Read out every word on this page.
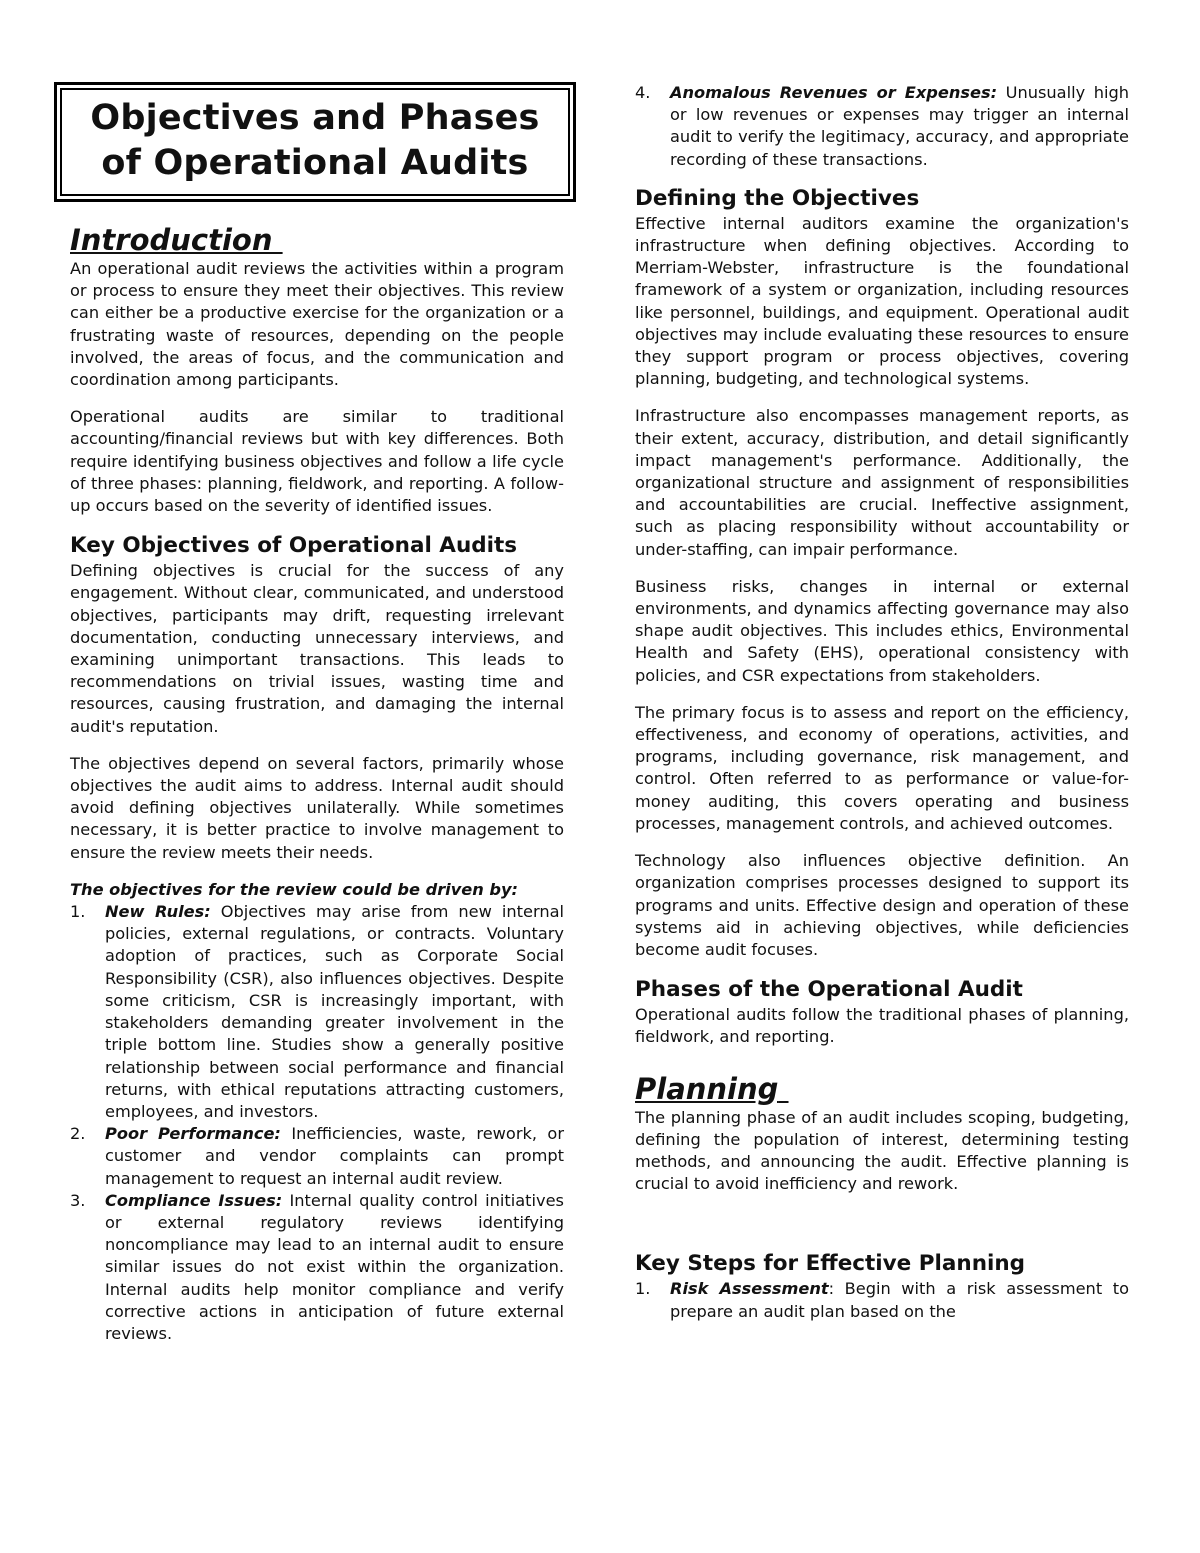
Objectives and Phases
of Operational Audits
Introduction

An operational audit reviews the activities within a program or process to ensure they meet their objectives. This review can either be a productive exercise for the organization or a frustrating waste of resources, depending on the people involved, the areas of focus, and the communication and coordination among participants.

Operational audits are similar to traditional accounting/financial reviews but with key differences. Both require identifying business objectives and follow a life cycle of three phases: planning, fieldwork, and reporting. A follow-up occurs based on the severity of identified issues.

Key Objectives of Operational Audits

Defining objectives is crucial for the success of any engagement. Without clear, communicated, and understood objectives, participants may drift, requesting irrelevant documentation, conducting unnecessary interviews, and examining unimportant transactions. This leads to recommendations on trivial issues, wasting time and resources, causing frustration, and damaging the internal audit's reputation.

The objectives depend on several factors, primarily whose objectives the audit aims to address. Internal audit should avoid defining objectives unilaterally. While sometimes necessary, it is better practice to involve management to ensure the review meets their needs.

The objectives for the review could be driven by:

1. New Rules: Objectives may arise from new internal policies, external regulations, or contracts. Voluntary adoption of practices, such as Corporate Social Responsibility (CSR), also influences objectives. Despite some criticism, CSR is increasingly important, with stakeholders demanding greater involvement in the triple bottom line. Studies show a generally positive relationship between social performance and financial returns, with ethical reputations attracting customers, employees, and investors.
2. Poor Performance: Inefficiencies, waste, rework, or customer and vendor complaints can prompt management to request an internal audit review.
3. Compliance Issues: Internal quality control initiatives or external regulatory reviews identifying noncompliance may lead to an internal audit to ensure similar issues do not exist within the organization. Internal audits help monitor compliance and verify corrective actions in anticipation of future external reviews.
4. Anomalous Revenues or Expenses: Unusually high or low revenues or expenses may trigger an internal audit to verify the legitimacy, accuracy, and appropriate recording of these transactions.
Defining the Objectives

Effective internal auditors examine the organization's infrastructure when defining objectives. According to Merriam-Webster, infrastructure is the foundational framework of a system or organization, including resources like personnel, buildings, and equipment. Operational audit objectives may include evaluating these resources to ensure they support program or process objectives, covering planning, budgeting, and technological systems.

Infrastructure also encompasses management reports, as their extent, accuracy, distribution, and detail significantly impact management's performance. Additionally, the organizational structure and assignment of responsibilities and accountabilities are crucial. Ineffective assignment, such as placing responsibility without accountability or under-staffing, can impair performance.

Business risks, changes in internal or external environments, and dynamics affecting governance may also shape audit objectives. This includes ethics, Environmental Health and Safety (EHS), operational consistency with policies, and CSR expectations from stakeholders.

The primary focus is to assess and report on the efficiency, effectiveness, and economy of operations, activities, and programs, including governance, risk management, and control. Often referred to as performance or value-for-money auditing, this covers operating and business processes, management controls, and achieved outcomes.

Technology also influences objective definition. An organization comprises processes designed to support its programs and units. Effective design and operation of these systems aid in achieving objectives, while deficiencies become audit focuses.

Phases of the Operational Audit

Operational audits follow the traditional phases of planning, fieldwork, and reporting.

Planning

The planning phase of an audit includes scoping, budgeting, defining the population of interest, determining testing methods, and announcing the audit. Effective planning is crucial to avoid inefficiency and rework.

Key Steps for Effective Planning
1. Risk Assessment: Begin with a risk assessment to prepare an audit plan based on the
